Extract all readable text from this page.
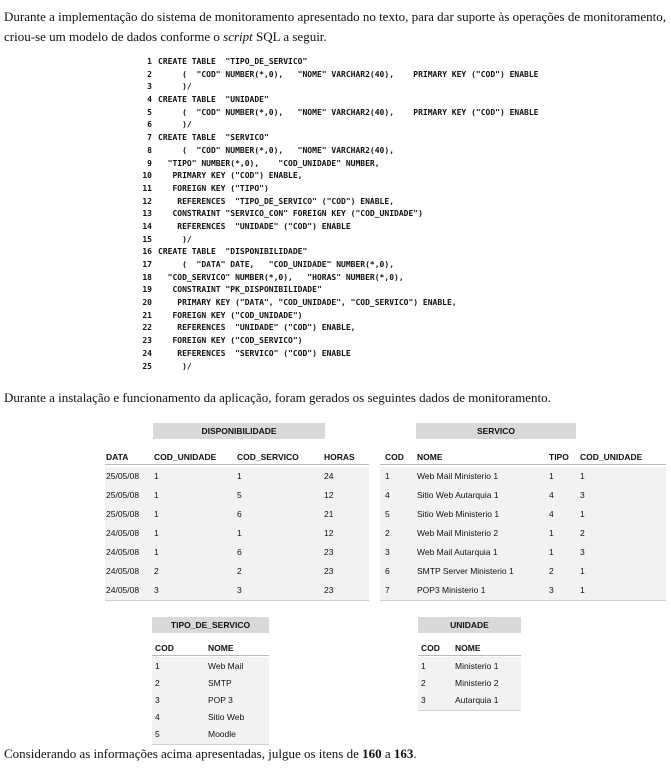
Durante a implementação do sistema de monitoramento apresentado no texto, para dar suporte às operações de monitoramento, criou-se um modelo de dados conforme o script SQL a seguir.
1 CREATE TABLE  "TIPO_DE_SERVICO"
2     (  "COD" NUMBER(*,0),   "NOME" VARCHAR2(40),    PRIMARY KEY ("COD") ENABLE
3     )/
4 CREATE TABLE  "UNIDADE"
5     (  "COD" NUMBER(*,0),   "NOME" VARCHAR2(40),    PRIMARY KEY ("COD") ENABLE
6     )/
7 CREATE TABLE  "SERVICO"
8     (  "COD" NUMBER(*,0),   "NOME" VARCHAR2(40),
9  "TIPO" NUMBER(*,0),    "COD_UNIDADE" NUMBER,
10   PRIMARY KEY ("COD") ENABLE,
11   FOREIGN KEY ("TIPO")
12    REFERENCES  "TIPO_DE_SERVICO" ("COD") ENABLE,
13   CONSTRAINT "SERVICO_CON" FOREIGN KEY ("COD_UNIDADE")
14    REFERENCES  "UNIDADE" ("COD") ENABLE
15     )/
16 CREATE TABLE  "DISPONIBILIDADE"
17     (  "DATA" DATE,   "COD_UNIDADE" NUMBER(*,0),
18  "COD_SERVICO" NUMBER(*,0),   "HORAS" NUMBER(*,0),
19   CONSTRAINT "PK_DISPONIBILIDADE"
20    PRIMARY KEY ("DATA", "COD_UNIDADE", "COD_SERVICO") ENABLE,
21   FOREIGN KEY ("COD_UNIDADE")
22    REFERENCES  "UNIDADE" ("COD") ENABLE,
23   FOREIGN KEY ("COD_SERVICO")
24    REFERENCES  "SERVICO" ("COD") ENABLE
25     )/
Durante a instalação e funcionamento da aplicação, foram gerados os seguintes dados de monitoramento.
DISPONIBILIDADE
DATA	COD_UNIDADE COD_SERVICO	HORAS
25/05/08 1	1	24
25/05/08 1	5	12
25/05/08 1	6	21
24/05/08 1	1	12
24/05/08 1	6	23
24/05/08 2	2	23
24/05/08 3	3	23
SERVICO
COD NOME	TIPO COD_UNIDADE
1	Web Mail Ministerio 1	1	1
4	Sitio Web Autarquia 1	4	3
5	Sitio Web Ministerio 1	4	1
2	Web Mail Ministerio 2	1	2
3	Web Mail Autarquia 1	1	3
6	SMTP Server Ministerio 1	2	1
7	POP3 Ministerio 1	3	1
TIPO_DE_SERVICO
COD	NOME
1	Web Mail
2	SMTP
3	POP 3
4	Sitio Web
5	Moodle
UNIDADE
COD NOME
1	Ministerio 1
2	Ministerio 2
3	Autarquia 1
Considerando as informações acima apresentadas, julgue os itens de 160 a 163.
